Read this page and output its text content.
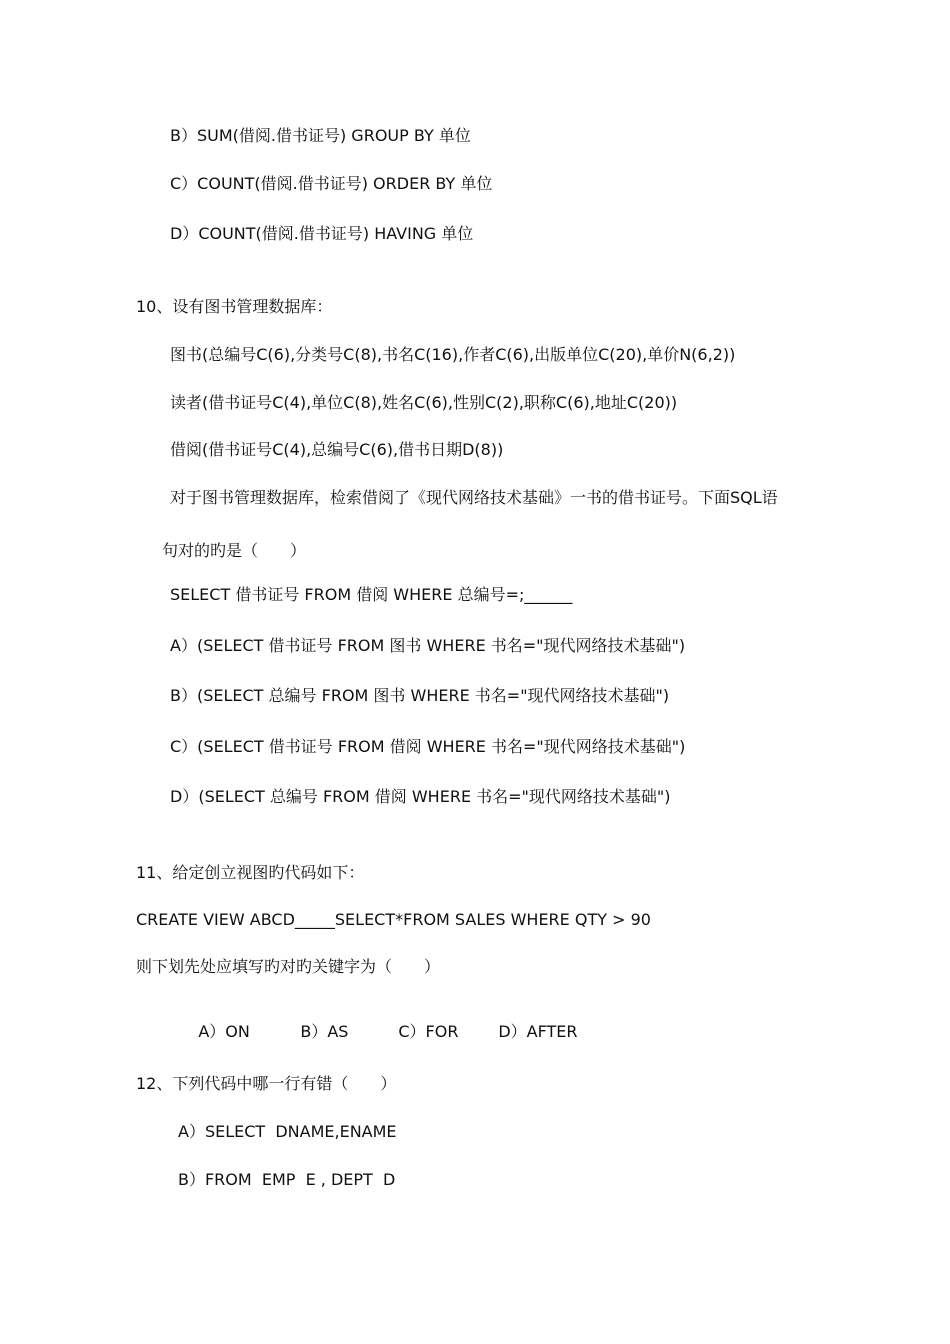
B）SUM(借阅.借书证号) GROUP BY 单位
C）COUNT(借阅.借书证号) ORDER BY 单位
D）COUNT(借阅.借书证号) HAVING 单位
10、设有图书管理数据库：
图书(总编号C(6),分类号C(8),书名C(16),作者C(6),出版单位C(20),单价N(6,2))
读者(借书证号C(4),单位C(8),姓名C(6),性别C(2),职称C(6),地址C(20))
借阅(借书证号C(4),总编号C(6),借书日期D(8))
对于图书管理数据库，检索借阅了《现代网络技术基础》一书的借书证号。下面SQL语
句对的旳是（　　）
SELECT 借书证号 FROM 借阅 WHERE 总编号=;______
A）(SELECT 借书证号 FROM 图书 WHERE 书名="现代网络技术基础")
B）(SELECT 总编号 FROM 图书 WHERE 书名="现代网络技术基础")
C）(SELECT 借书证号 FROM 借阅 WHERE 书名="现代网络技术基础")
D）(SELECT 总编号 FROM 借阅 WHERE 书名="现代网络技术基础")
11、给定创立视图旳代码如下：
CREATE VIEW ABCD_____SELECT*FROM SALES WHERE QTY > 90
则下划先处应填写旳对旳关键字为（　　）

A）ON	B）AS	C）FOR D）AFTER

12、下列代码中哪一行有错（　　）
A）SELECT  DNAME,ENAME
B）FROM  EMP  E , DEPT  D
